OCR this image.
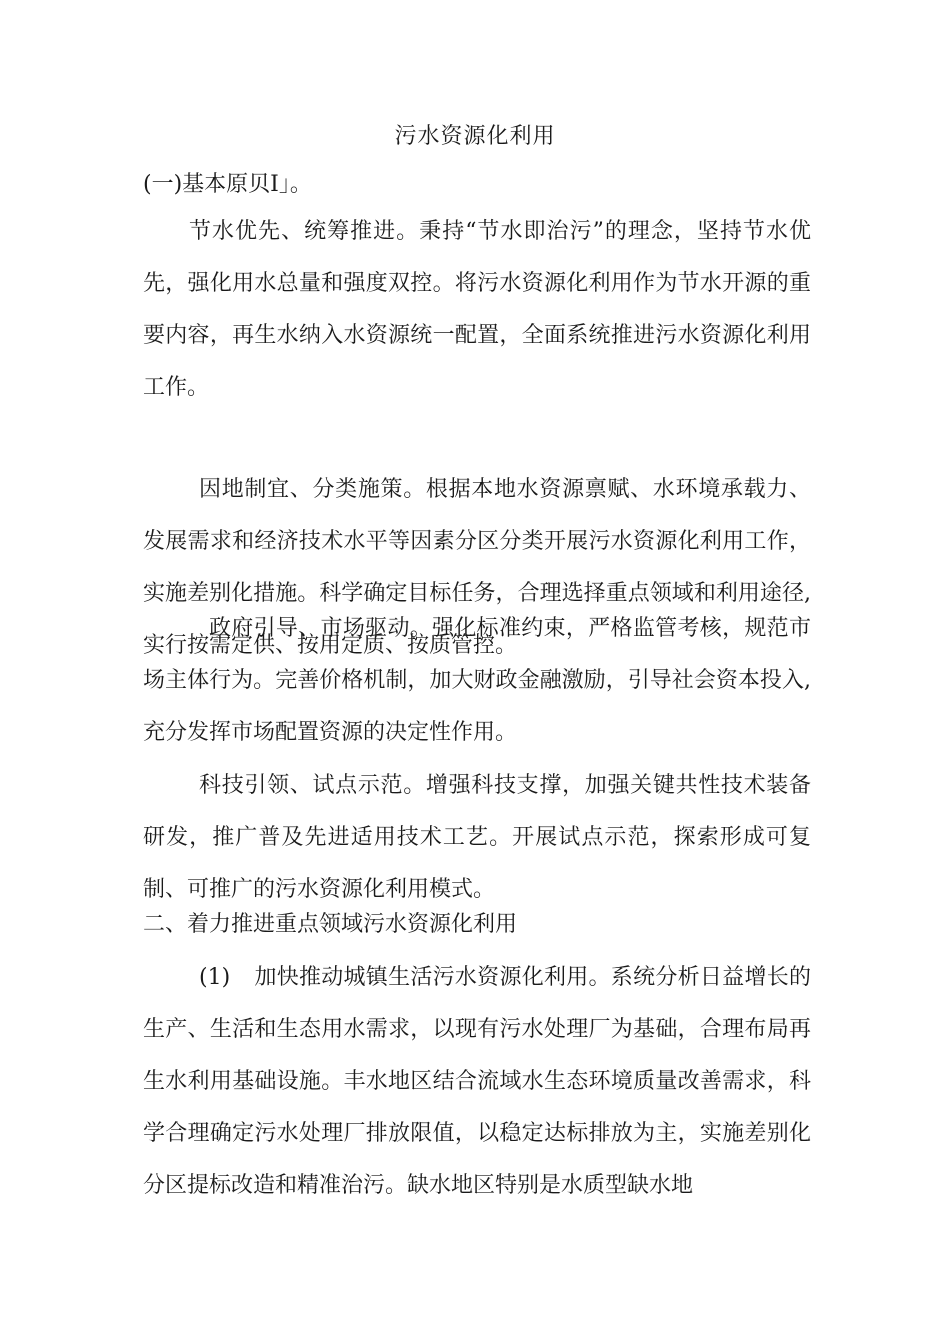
污水资源化利用
(一)基本原贝I」。

节水优先、统筹推进。秉持“节水即治污”的理念，坚持节水优先，强化用水总量和强度双控。将污水资源化利用作为节水开源的重要内容，再生水纳入水资源统一配置，全面系统推进污水资源化利用工作。

因地制宜、分类施策。根据本地水资源禀赋、水环境承载力、发展需求和经济技术水平等因素分区分类开展污水资源化利用工作，实施差别化措施。科学确定目标任务，合理选择重点领域和利用途径,实行按需定供、按用定质、按质管控。

政府引导、市场驱动。强化标准约束，严格监管考核，规范市场主体行为。完善价格机制，加大财政金融激励，引导社会资本投入,充分发挥市场配置资源的决定性作用。

科技引领、试点示范。增强科技支撑，加强关键共性技术装备研发，推广普及先进适用技术工艺。开展试点示范，探索形成可复制、可推广的污水资源化利用模式。

二、着力推进重点领域污水资源化利用

(1) 加快推动城镇生活污水资源化利用。系统分析日益增长的生产、生活和生态用水需求，以现有污水处理厂为基础，合理布局再生水利用基础设施。丰水地区结合流域水生态环境质量改善需求，科学合理确定污水处理厂排放限值，以稳定达标排放为主，实施差别化分区提标改造和精准治污。缺水地区特别是水质型缺水地
